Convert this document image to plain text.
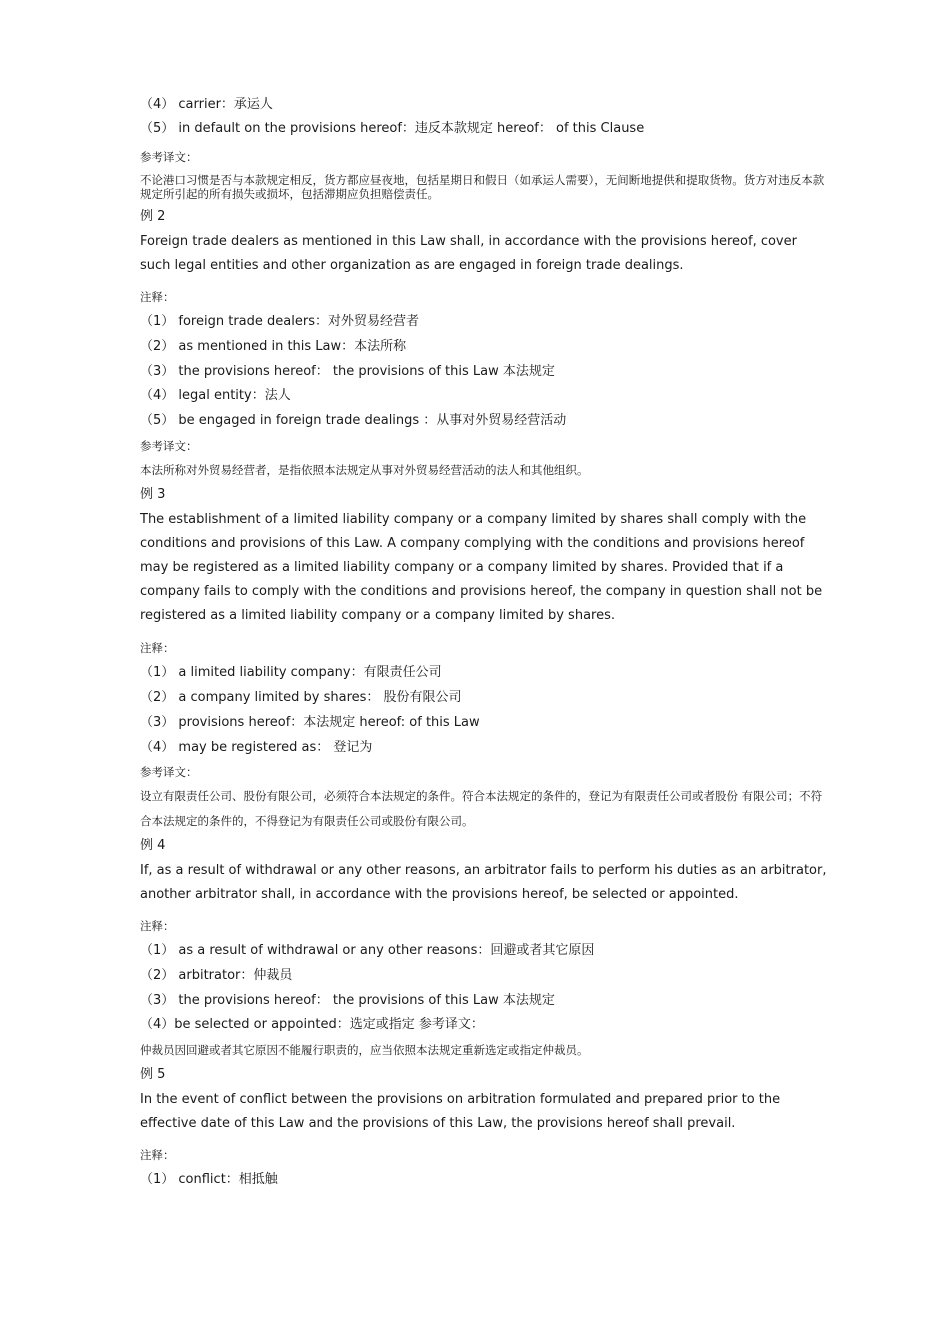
（4） carrier：承运人
（5） in default on the provisions hereof：违反本款规定 hereof： of this Clause
参考译文：
不论港口习惯是否与本款规定相反，货方都应昼夜地，包括星期日和假日（如承运人需要），无间断地提供和提取货物。货方对违反本款规定所引起的所有损失或损坏，包括滞期应负担赔偿责任。
例 2
Foreign trade dealers as mentioned in this Law shall, in accordance with the provisions hereof, cover such legal entities and other organization as are engaged in foreign trade dealings.
注释：
（1） foreign trade dealers：对外贸易经营者
（2） as mentioned in this Law：本法所称
（3） the provisions hereof： the provisions of this Law 本法规定
（4） legal entity：法人
（5） be engaged in foreign trade dealings ：从事对外贸易经营活动
参考译文：
本法所称对外贸易经营者，是指依照本法规定从事对外贸易经营活动的法人和其他组织。
例 3
The establishment of a limited liability company or a company limited by shares shall comply with the conditions and provisions of this Law. A company complying with the conditions and provisions hereof may be registered as a limited liability company or a company limited by shares. Provided that if a company fails to comply with the conditions and provisions hereof, the company in question shall not be registered as a limited liability company or a company limited by shares.
注释：
（1） a limited liability company：有限责任公司
（2） a company limited by shares： 股份有限公司
（3） provisions hereof：本法规定 hereof: of this Law
（4） may be registered as： 登记为
参考译文：
设立有限责任公司、股份有限公司，必须符合本法规定的条件。符合本法规定的条件的，登记为有限责任公司或者股份 有限公司；不符合本法规定的条件的，不得登记为有限责任公司或股份有限公司。
例 4
If, as a result of withdrawal or any other reasons, an arbitrator fails to perform his duties as an arbitrator, another arbitrator shall, in accordance with the provisions hereof, be selected or appointed.
注释：
（1） as a result of withdrawal or any other reasons：回避或者其它原因
（2） arbitrator：仲裁员
（3） the provisions hereof： the provisions of this Law 本法规定
（4）be selected or appointed：选定或指定 参考译文：
仲裁员因回避或者其它原因不能履行职责的，应当依照本法规定重新选定或指定仲裁员。
例 5
In the event of conflict between the provisions on arbitration formulated and prepared prior to the effective date of this Law and the provisions of this Law, the provisions hereof shall prevail.
注释：
（1） conflict：相抵触
